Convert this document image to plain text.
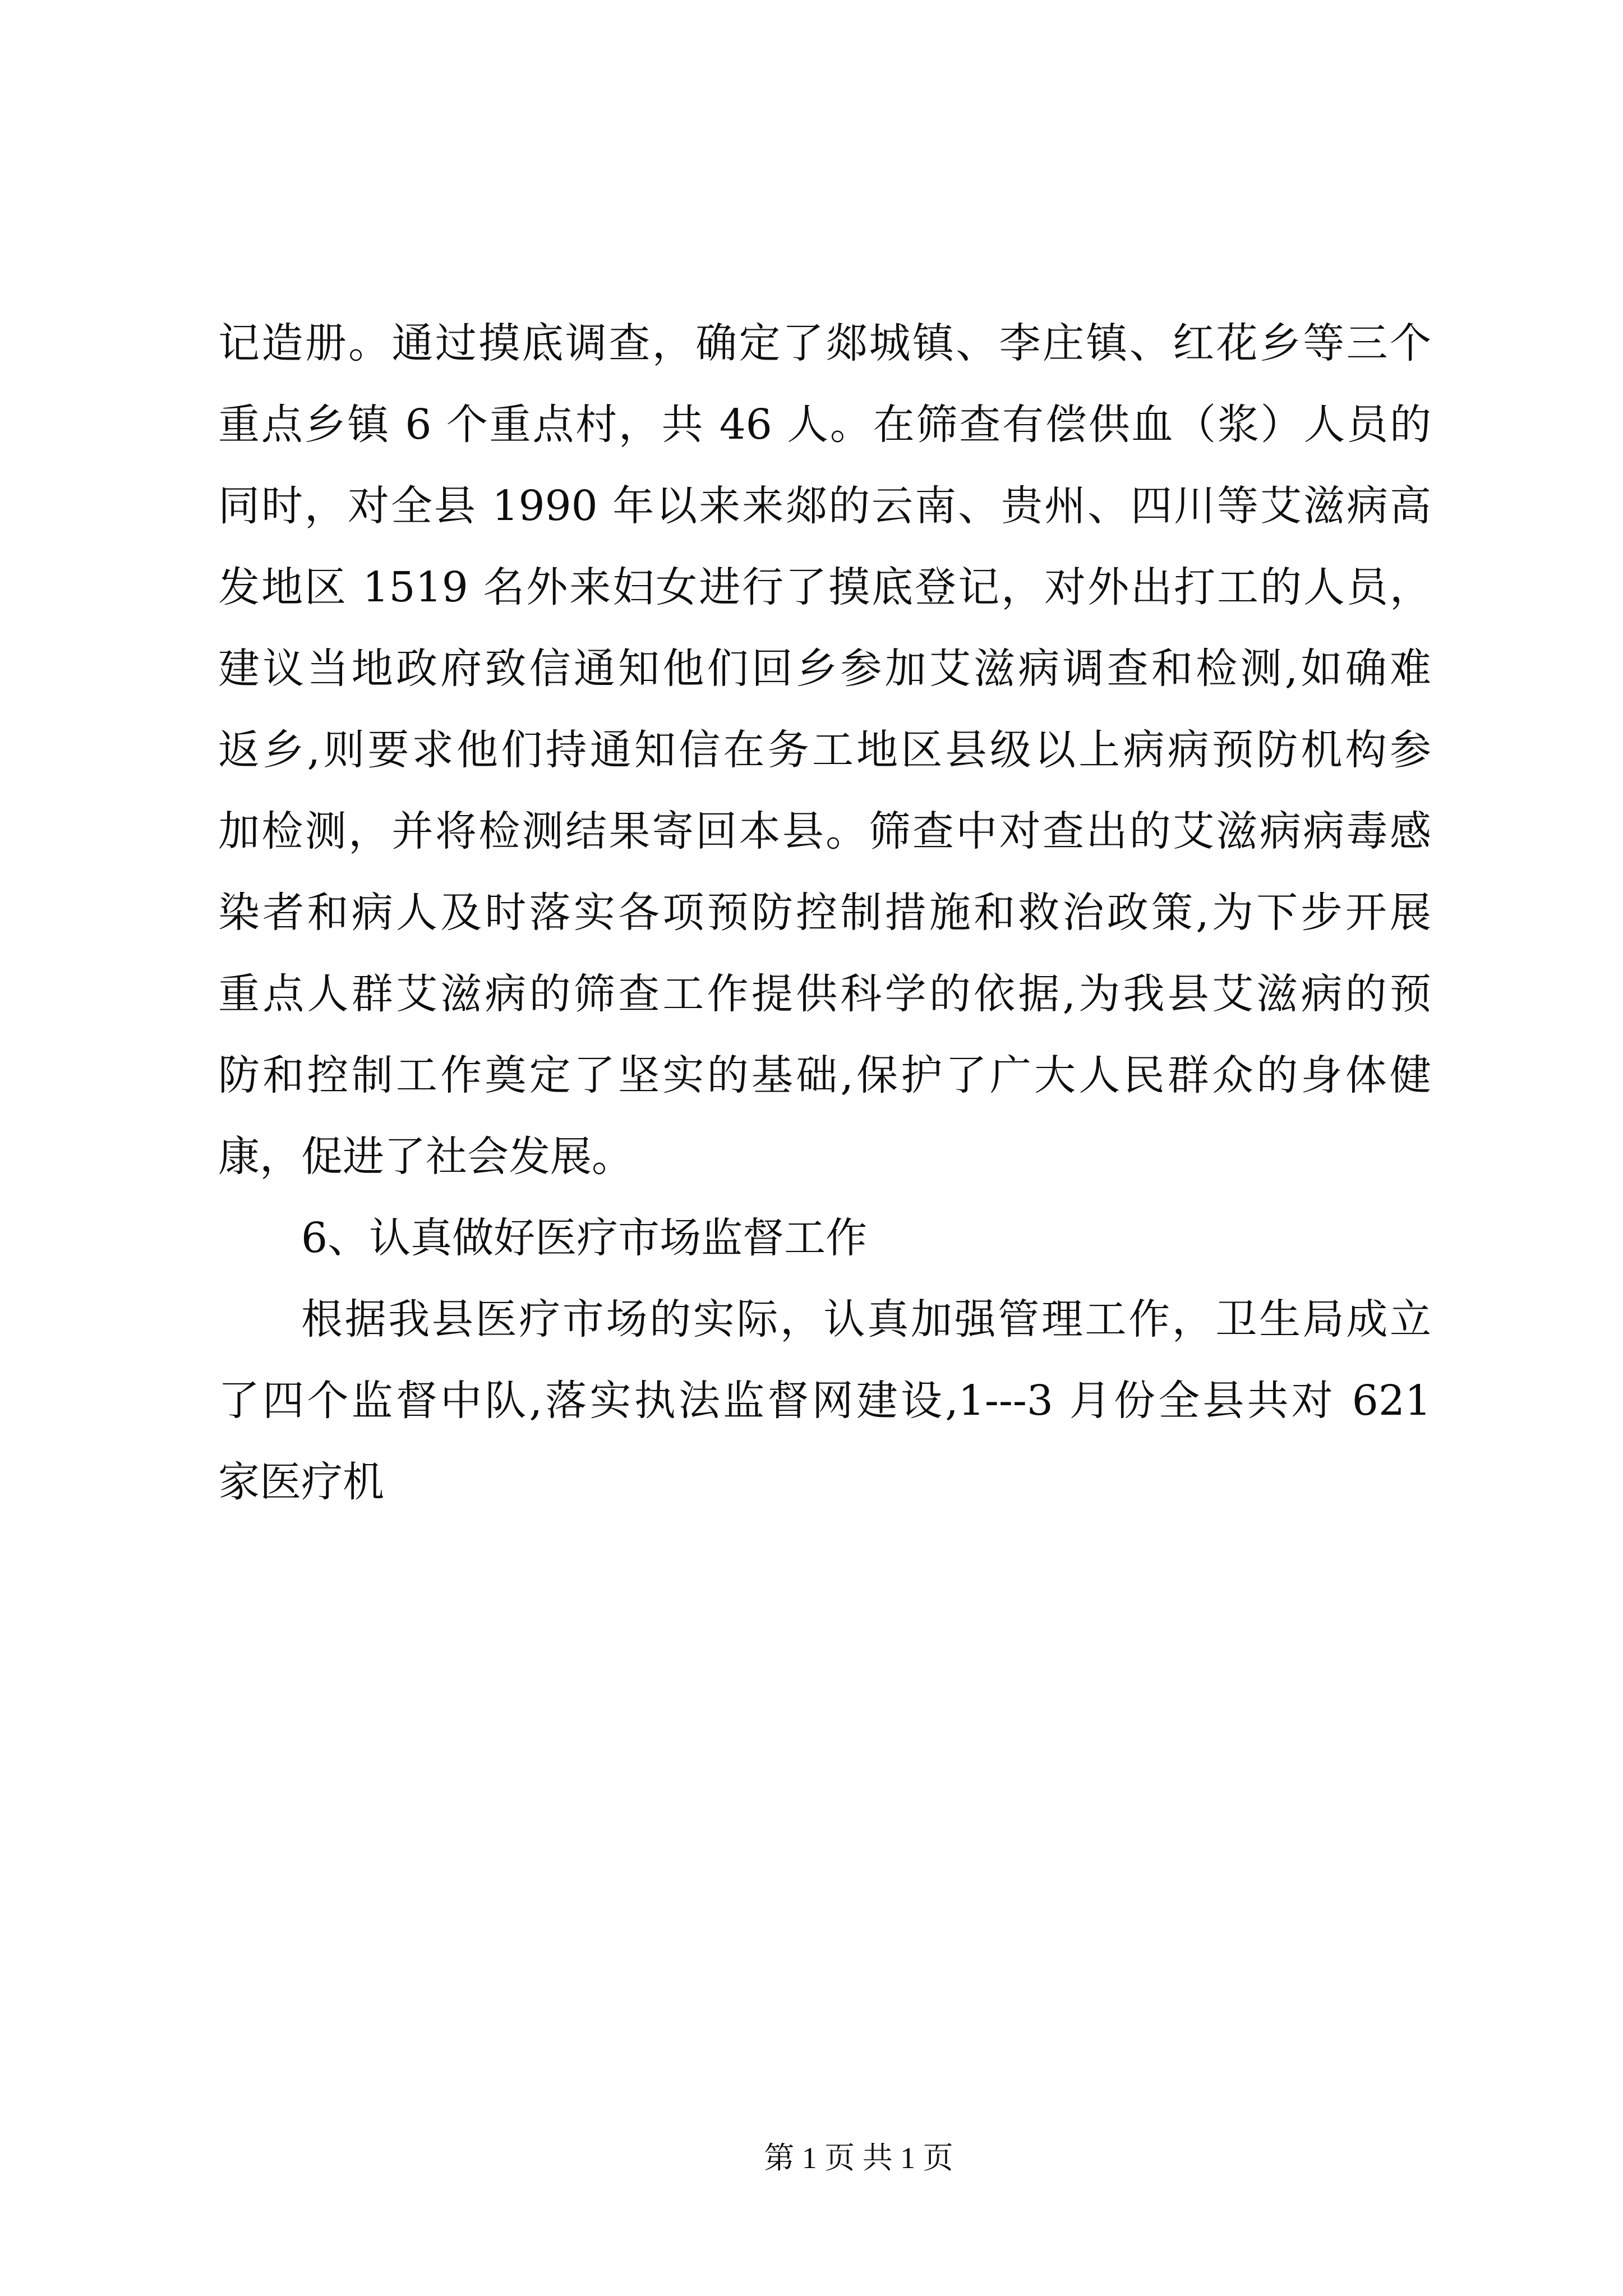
记造册。通过摸底调查，确定了郯城镇、李庄镇、红花乡等三个
重点乡镇 6 个重点村，共 46 人。在筛查有偿供血（浆）人员的
同时，对全县 1990 年以来来郯的云南、贵州、四川等艾滋病高
发地区 1519 名外来妇女进行了摸底登记，对外出打工的人员，
建议当地政府致信通知他们回乡参加艾滋病调查和检测,如确难
返乡,则要求他们持通知信在务工地区县级以上病病预防机构参
加检测，并将检测结果寄回本县。筛查中对查出的艾滋病病毒感
染者和病人及时落实各项预防控制措施和救治政策,为下步开展
重点人群艾滋病的筛查工作提供科学的依据,为我县艾滋病的预
防和控制工作奠定了坚实的基础,保护了广大人民群众的身体健
康，促进了社会发展。
6、认真做好医疗市场监督工作
根据我县医疗市场的实际，认真加强管理工作，卫生局成立
了四个监督中队,落实执法监督网建设,1---3 月份全县共对 621
家医疗机
第 1 页 共 1 页
